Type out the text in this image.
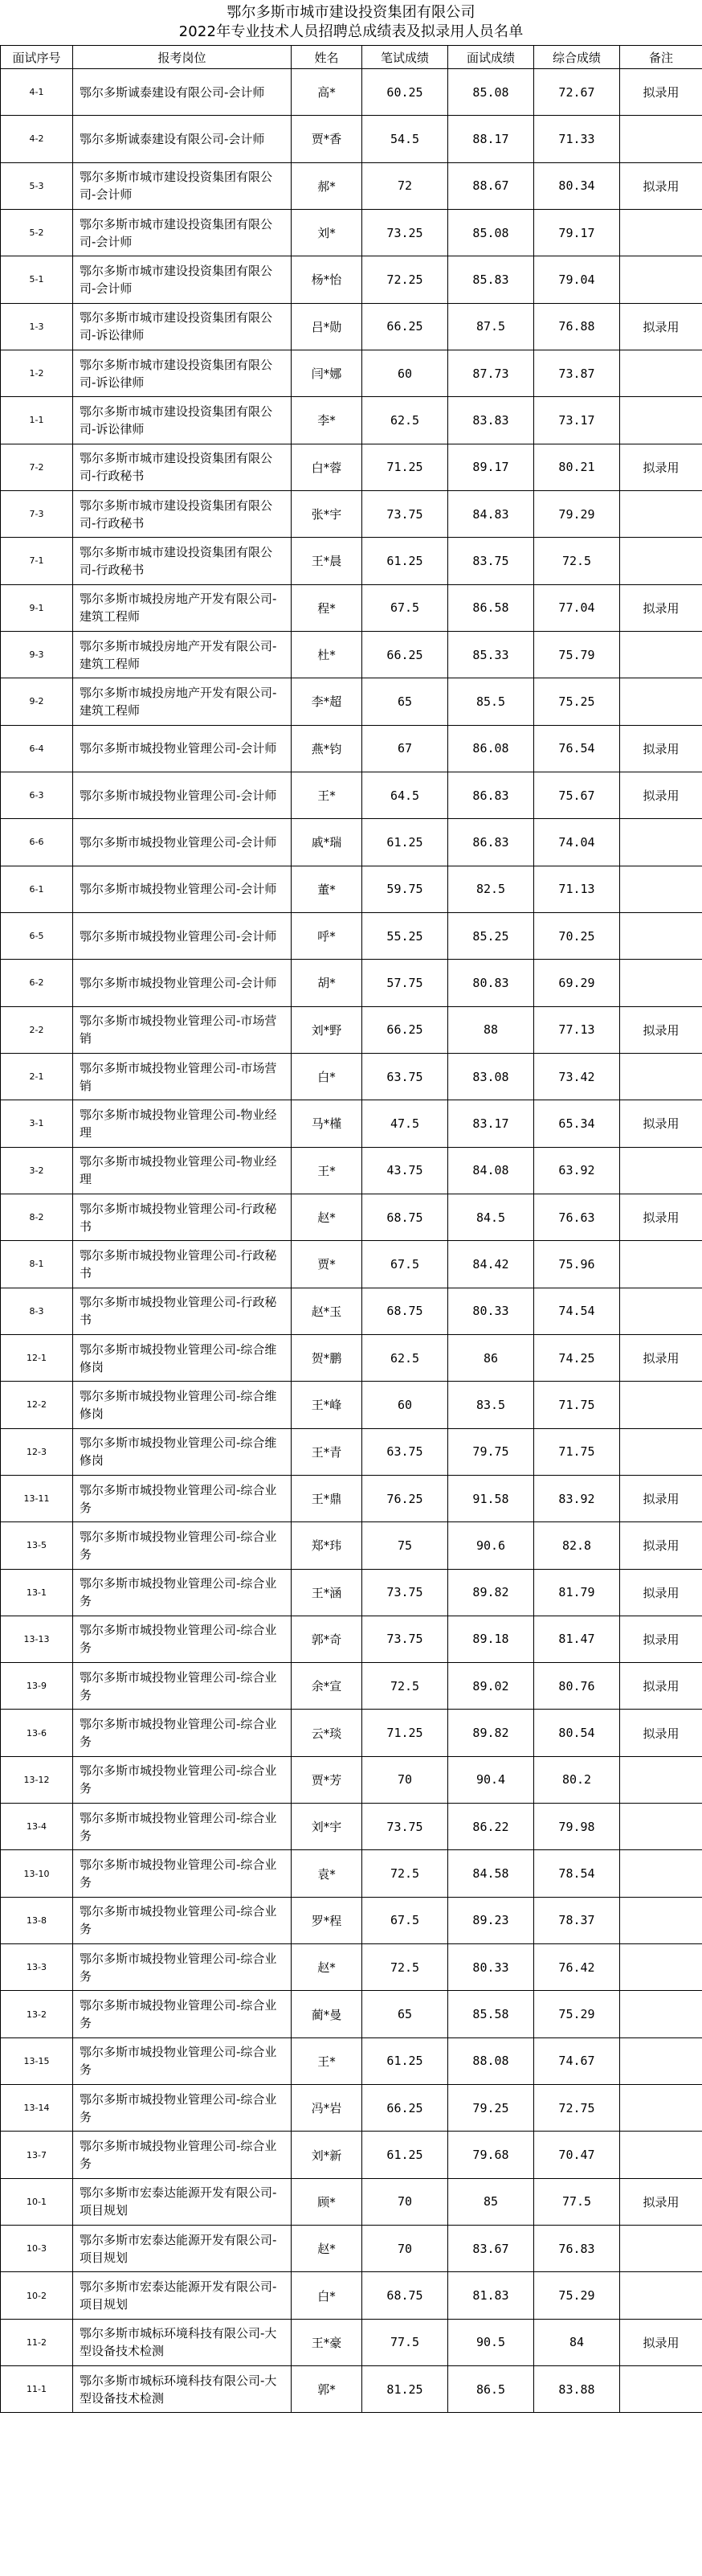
鄂尔多斯市城市建设投资集团有限公司
2022年专业技术人员招聘总成绩表及拟录用人员名单
面试序号	报考岗位	姓名	笔试成绩	面试成绩	综合成绩	备注
4-1	鄂尔多斯诚泰建设有限公司-会计师	高*	60.25	85.08	72.67	拟录用
4-2	鄂尔多斯诚泰建设有限公司-会计师	贾*香	54.5	88.17	71.33	
5-3	鄂尔多斯市城市建设投资集团有限公司-会计师	郝*	72	88.67	80.34	拟录用
5-2	鄂尔多斯市城市建设投资集团有限公司-会计师	刘*	73.25	85.08	79.17	
5-1	鄂尔多斯市城市建设投资集团有限公司-会计师	杨*怡	72.25	85.83	79.04	
1-3	鄂尔多斯市城市建设投资集团有限公司-诉讼律师	吕*勋	66.25	87.5	76.88	拟录用
1-2	鄂尔多斯市城市建设投资集团有限公司-诉讼律师	闫*娜	60	87.73	73.87	
1-1	鄂尔多斯市城市建设投资集团有限公司-诉讼律师	李*	62.5	83.83	73.17	
7-2	鄂尔多斯市城市建设投资集团有限公司-行政秘书	白*蓉	71.25	89.17	80.21	拟录用
7-3	鄂尔多斯市城市建设投资集团有限公司-行政秘书	张*宇	73.75	84.83	79.29	
7-1	鄂尔多斯市城市建设投资集团有限公司-行政秘书	王*晨	61.25	83.75	72.5	
9-1	鄂尔多斯市城投房地产开发有限公司-建筑工程师	程*	67.5	86.58	77.04	拟录用
9-3	鄂尔多斯市城投房地产开发有限公司-建筑工程师	杜*	66.25	85.33	75.79	
9-2	鄂尔多斯市城投房地产开发有限公司-建筑工程师	李*超	65	85.5	75.25	
6-4	鄂尔多斯市城投物业管理公司-会计师	燕*钧	67	86.08	76.54	拟录用
6-3	鄂尔多斯市城投物业管理公司-会计师	王*	64.5	86.83	75.67	拟录用
6-6	鄂尔多斯市城投物业管理公司-会计师	戚*瑞	61.25	86.83	74.04	
6-1	鄂尔多斯市城投物业管理公司-会计师	董*	59.75	82.5	71.13	
6-5	鄂尔多斯市城投物业管理公司-会计师	呼*	55.25	85.25	70.25	
6-2	鄂尔多斯市城投物业管理公司-会计师	胡*	57.75	80.83	69.29	
2-2	鄂尔多斯市城投物业管理公司-市场营销	刘*野	66.25	88	77.13	拟录用
2-1	鄂尔多斯市城投物业管理公司-市场营销	白*	63.75	83.08	73.42	
3-1	鄂尔多斯市城投物业管理公司-物业经理	马*槿	47.5	83.17	65.34	拟录用
3-2	鄂尔多斯市城投物业管理公司-物业经理	王*	43.75	84.08	63.92	
8-2	鄂尔多斯市城投物业管理公司-行政秘书	赵*	68.75	84.5	76.63	拟录用
8-1	鄂尔多斯市城投物业管理公司-行政秘书	贾*	67.5	84.42	75.96	
8-3	鄂尔多斯市城投物业管理公司-行政秘书	赵*玉	68.75	80.33	74.54	
12-1	鄂尔多斯市城投物业管理公司-综合维修岗	贺*鹏	62.5	86	74.25	拟录用
12-2	鄂尔多斯市城投物业管理公司-综合维修岗	王*峰	60	83.5	71.75	
12-3	鄂尔多斯市城投物业管理公司-综合维修岗	王*青	63.75	79.75	71.75	
13-11	鄂尔多斯市城投物业管理公司-综合业务	王*鼎	76.25	91.58	83.92	拟录用
13-5	鄂尔多斯市城投物业管理公司-综合业务	郑*玮	75	90.6	82.8	拟录用
13-1	鄂尔多斯市城投物业管理公司-综合业务	王*涵	73.75	89.82	81.79	拟录用
13-13	鄂尔多斯市城投物业管理公司-综合业务	郭*奇	73.75	89.18	81.47	拟录用
13-9	鄂尔多斯市城投物业管理公司-综合业务	余*宣	72.5	89.02	80.76	拟录用
13-6	鄂尔多斯市城投物业管理公司-综合业务	云*琰	71.25	89.82	80.54	拟录用
13-12	鄂尔多斯市城投物业管理公司-综合业务	贾*芳	70	90.4	80.2	
13-4	鄂尔多斯市城投物业管理公司-综合业务	刘*宇	73.75	86.22	79.98	
13-10	鄂尔多斯市城投物业管理公司-综合业务	袁*	72.5	84.58	78.54	
13-8	鄂尔多斯市城投物业管理公司-综合业务	罗*程	67.5	89.23	78.37	
13-3	鄂尔多斯市城投物业管理公司-综合业务	赵*	72.5	80.33	76.42	
13-2	鄂尔多斯市城投物业管理公司-综合业务	蔺*曼	65	85.58	75.29	
13-15	鄂尔多斯市城投物业管理公司-综合业务	王*	61.25	88.08	74.67	
13-14	鄂尔多斯市城投物业管理公司-综合业务	冯*岩	66.25	79.25	72.75	
13-7	鄂尔多斯市城投物业管理公司-综合业务	刘*新	61.25	79.68	70.47	
10-1	鄂尔多斯市宏泰达能源开发有限公司-项目规划	顾*	70	85	77.5	拟录用
10-3	鄂尔多斯市宏泰达能源开发有限公司-项目规划	赵*	70	83.67	76.83	
10-2	鄂尔多斯市宏泰达能源开发有限公司-项目规划	白*	68.75	81.83	75.29	
11-2	鄂尔多斯市城标环境科技有限公司-大型设备技术检测	王*豪	77.5	90.5	84	拟录用
11-1	鄂尔多斯市城标环境科技有限公司-大型设备技术检测	郭*	81.25	86.5	83.88	
